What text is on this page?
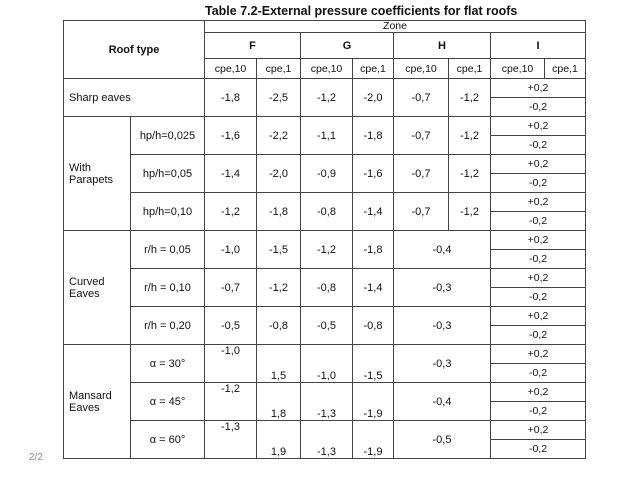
Table 7.2-External pressure coefficients for flat roofs
2/2
Roof type		Zone							
		F		G		H		I	
		cpe,10	cpe,1	cpe,10	cpe,1	cpe,10	cpe,1	cpe,10	cpe,1
Sharp eaves		-1,8	-2,5	-1,2	-2,0	-0,7	-1,2	+0,2	
								-0,2	
With
Parapets	hp/h=0,025	-1,6	-2,2	-1,1	-1,8	-0,7	-1,2	+0,2	
								-0,2	
	hp/h=0,05	-1,4	-2,0	-0,9	-1,6	-0,7	-1,2	+0,2	
								-0,2	
	hp/h=0,10	-1,2	-1,8	-0,8	-1,4	-0,7	-1,2	+0,2	
								-0,2	
Curved
Eaves	r/h = 0,05	-1,0	-1,5	-1,2	-1,8	-0,4		+0,2	
								-0,2	
	r/h = 0,10	-0,7	-1,2	-0,8	-1,4	-0,3		+0,2	
								-0,2	
	r/h = 0,20	-0,5	-0,8	-0,5	-0,8	-0,3		+0,2	
								-0,2	
Mansard
Eaves	α = 30°	-1,0	1,5	-1,0	-1,5	-0,3		+0,2	
								-0,2	
	α = 45°	-1,2	1,8	-1,3	-1,9	-0,4		+0,2	
								-0,2	
	α = 60°	-1,3	1,9	-1,3	-1,9	-0,5		+0,2	
								-0,2	
